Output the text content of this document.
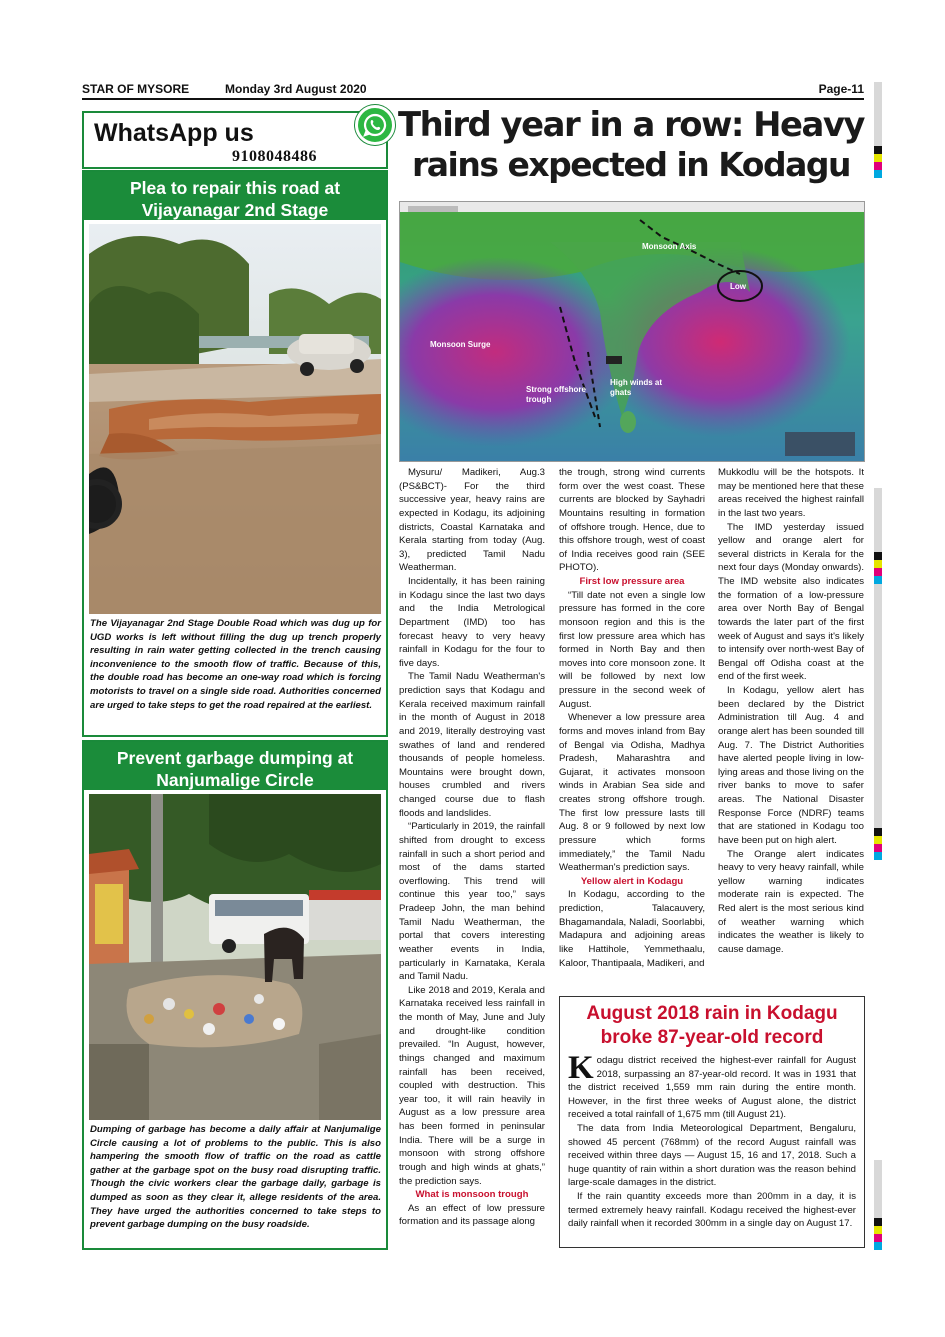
STAR OF MYSORE	Monday 3rd August 2020	Page-11
WhatsApp us
9108048486
Plea to repair this road at Vijayanagar 2nd Stage
The Vijayanagar 2nd Stage Double Road which was dug up for UGD works is left without filling the dug up trench properly resulting in rain water getting collected in the trench causing inconvenience to the smooth flow of traffic. Because of this, the double road has become an one-way road which is forcing motorists to travel on a single side road. Authorities concerned are urged to take steps to get the road repaired at the earliest.
Prevent garbage dumping at Nanjumalige Circle
Dumping of garbage has become a daily affair at Nanjumalige Circle causing a lot of problems to the public. This is also hampering the smooth flow of traffic on the road as cattle gather at the garbage spot on the busy road disrupting traffic. Though the civic workers clear the garbage daily, garbage is dumped as soon as they clear it, allege residents of the area. They have urged the authorities concerned to take steps to prevent garbage dumping on the busy roadside.
Third year in a row: Heavy
rains expected in Kodagu
Monsoon Axis
Low
Monsoon Surge
Strong offshore trough
High winds at ghats

Mysuru/ Madikeri, Aug.3 (PS&BCT)- For the third successive year, heavy rains are expected in Kodagu, its adjoining districts, Coastal Karnataka and Kerala starting from today (Aug. 3), predicted Tamil Nadu Weatherman.

Incidentally, it has been raining in Kodagu since the last two days and the India Metrological Department (IMD) too has forecast heavy to very heavy rainfall in Kodagu for the four to five days.

The Tamil Nadu Weatherman's prediction says that Kodagu and Kerala received maximum rainfall in the month of August in 2018 and 2019, literally destroying vast swathes of land and rendered thousands of people homeless. Mountains were brought down, houses crumbled and rivers changed course due to flash floods and landslides.

“Particularly in 2019, the rainfall shifted from drought to excess rainfall in such a short period and most of the dams started overflowing. This trend will continue this year too,” says Pradeep John, the man behind Tamil Nadu Weatherman, the portal that covers interesting weather events in India, particularly in Karnataka, Kerala and Tamil Nadu.

Like 2018 and 2019, Kerala and Karnataka received less rainfall in the month of May, June and July and drought-like condition prevailed. “In August, however, things changed and maximum rainfall has been received, coupled with destruction. This year too, it will rain heavily in August as a low pressure area has been formed in peninsular India. There will be a surge in monsoon with strong offshore trough and high winds at ghats,” the prediction says.

What is monsoon trough

As an effect of low pressure formation and its passage along

the trough, strong wind currents form over the west coast. These currents are blocked by Sayhadri Mountains resulting in formation of offshore trough. Hence, due to this offshore trough, west of coast of India receives good rain (SEE PHOTO).

First low pressure area

“Till date not even a single low pressure has formed in the core monsoon region and this is the first low pressure area which has formed in North Bay and then moves into core monsoon zone. It will be followed by next low pressure in the second week of August.

Whenever a low pressure area forms and moves inland from Bay of Bengal via Odisha, Madhya Pradesh, Maharashtra and Gujarat, it activates monsoon winds in Arabian Sea side and creates strong offshore trough. The first low pressure lasts till Aug. 8 or 9 followed by next low pressure which forms immediately,” the Tamil Nadu Weatherman's prediction says.

Yellow alert in Kodagu

In Kodagu, according to the prediction, Talacauvery, Bhagamandala, Naladi, Soorlabbi, Madapura and adjoining areas like Hattihole, Yemmethaalu, Kaloor, Thantipaala, Madikeri, and

Mukkodlu will be the hotspots. It may be mentioned here that these areas received the highest rainfall in the last two years.

The IMD yesterday issued yellow and orange alert for several districts in Kerala for the next four days (Monday onwards). The IMD website also indicates the formation of a low-pressure area over North Bay of Bengal towards the later part of the first week of August and says it's likely to intensify over north-west Bay of Bengal off Odisha coast at the end of the first week.

In Kodagu, yellow alert has been declared by the District Administration till Aug. 4 and orange alert has been sounded till Aug. 7. The District Authorities have alerted people living in low-lying areas and those living on the river banks to move to safer areas. The National Disaster Response Force (NDRF) teams that are stationed in Kodagu too have been put on high alert.

The Orange alert indicates heavy to very heavy rainfall, while yellow warning indicates moderate rain is expected. The Red alert is the most serious kind of weather warning which indicates the weather is likely to cause damage.

August 2018 rain in Kodagu broke 87-year-old record

Kodagu district received the highest-ever rainfall for August 2018, surpassing an 87-year-old record. It was in 1931 that the district received 1,559 mm rain during the entire month. However, in the first three weeks of August alone, the district received a total rainfall of 1,675 mm (till August 21).

The data from India Meteorological Department, Bengaluru, showed 45 percent (768mm) of the record August rainfall was received within three days — August 15, 16 and 17, 2018. Such a huge quantity of rain within a short duration was the reason behind large-scale damages in the district.

If the rain quantity exceeds more than 200mm in a day, it is termed extremely heavy rainfall. Kodagu received the highest-ever daily rainfall when it recorded 300mm in a single day on August 17.
